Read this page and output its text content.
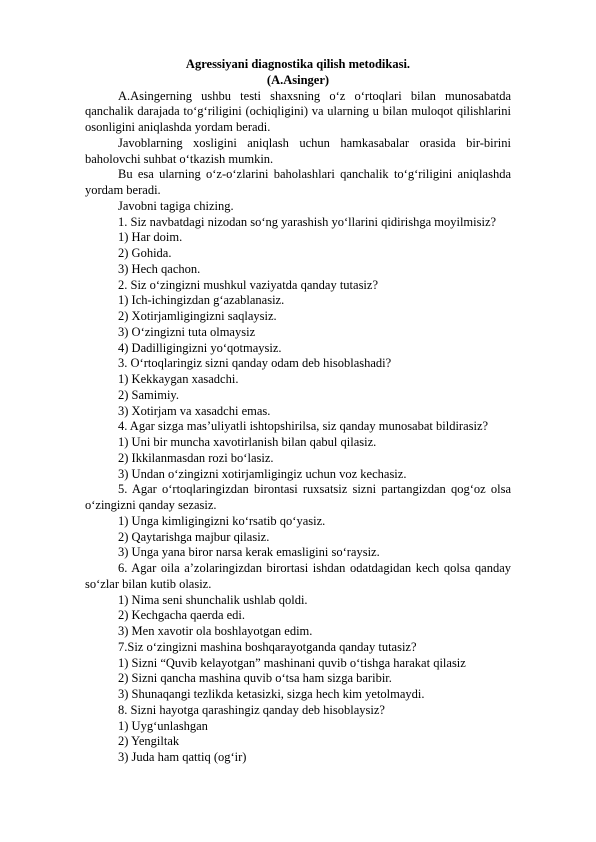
Agressiyani diagnostika qilish metodikasi.

(A.Asinger)

A.Asingerning ushbu testi shaxsning o‘z o‘rtoqlari bilan munosabatda qanchalik darajada to‘g‘riligini (ochiqligini) va ularning u bilan muloqot qilishlarini osonligini aniqlashda yordam beradi.

Javoblarning xosligini aniqlash uchun hamkasabalar orasida bir-birini baholovchi suhbat o‘tkazish mumkin.

Bu esa ularning o‘z-o‘zlarini baholashlari qanchalik to‘g‘riligini aniqlashda yordam beradi.

Javobni tagiga chizing.

1. Siz navbatdagi nizodan so‘ng yarashish yo‘llarini qidirishga moyilmisiz?

1) Har doim.

2) Gohida.

3) Hech qachon.

2. Siz o‘zingizni mushkul vaziyatda qanday tutasiz?

1) Ich-ichingizdan g‘azablanasiz.

2) Xotirjamligingizni saqlaysiz.

3) O‘zingizni tuta olmaysiz

4) Dadilligingizni yo‘qotmaysiz.

3. O‘rtoqlaringiz sizni qanday odam deb hisoblashadi?

1) Kekkaygan xasadchi.

2) Samimiy.

3) Xotirjam va xasadchi emas.

4. Agar sizga mas’uliyatli ishtopshirilsa, siz qanday munosabat bildirasiz?

1) Uni bir muncha xavotirlanish bilan qabul qilasiz.

2) Ikkilanmasdan rozi bo‘lasiz.

3) Undan o‘zingizni xotirjamligingiz uchun voz kechasiz.

5. Agar o‘rtoqlaringizdan birontasi ruxsatsiz sizni partangizdan qog‘oz olsa o‘zingizni qanday sezasiz.

1) Unga kimligingizni ko‘rsatib qo‘yasiz.

2) Qaytarishga majbur qilasiz.

3) Unga yana biror narsa kerak emasligini so‘raysiz.

6. Agar oila a’zolaringizdan birortasi ishdan odatdagidan kech qolsa qanday so‘zlar bilan kutib olasiz.

1) Nima seni shunchalik ushlab qoldi.

2) Kechgacha qaerda edi.

3) Men xavotir ola boshlayotgan edim.

7.Siz o‘zingizni mashina boshqarayotganda qanday tutasiz?

1) Sizni “Quvib kelayotgan” mashinani quvib o‘tishga harakat qilasiz

2) Sizni qancha mashina quvib o‘tsa ham sizga baribir.

3) Shunaqangi tezlikda ketasizki, sizga hech kim yetolmaydi.

8. Sizni hayotga qarashingiz qanday deb hisoblaysiz?

1) Uyg‘unlashgan

2) Yengiltak

3) Juda ham qattiq (og‘ir)
